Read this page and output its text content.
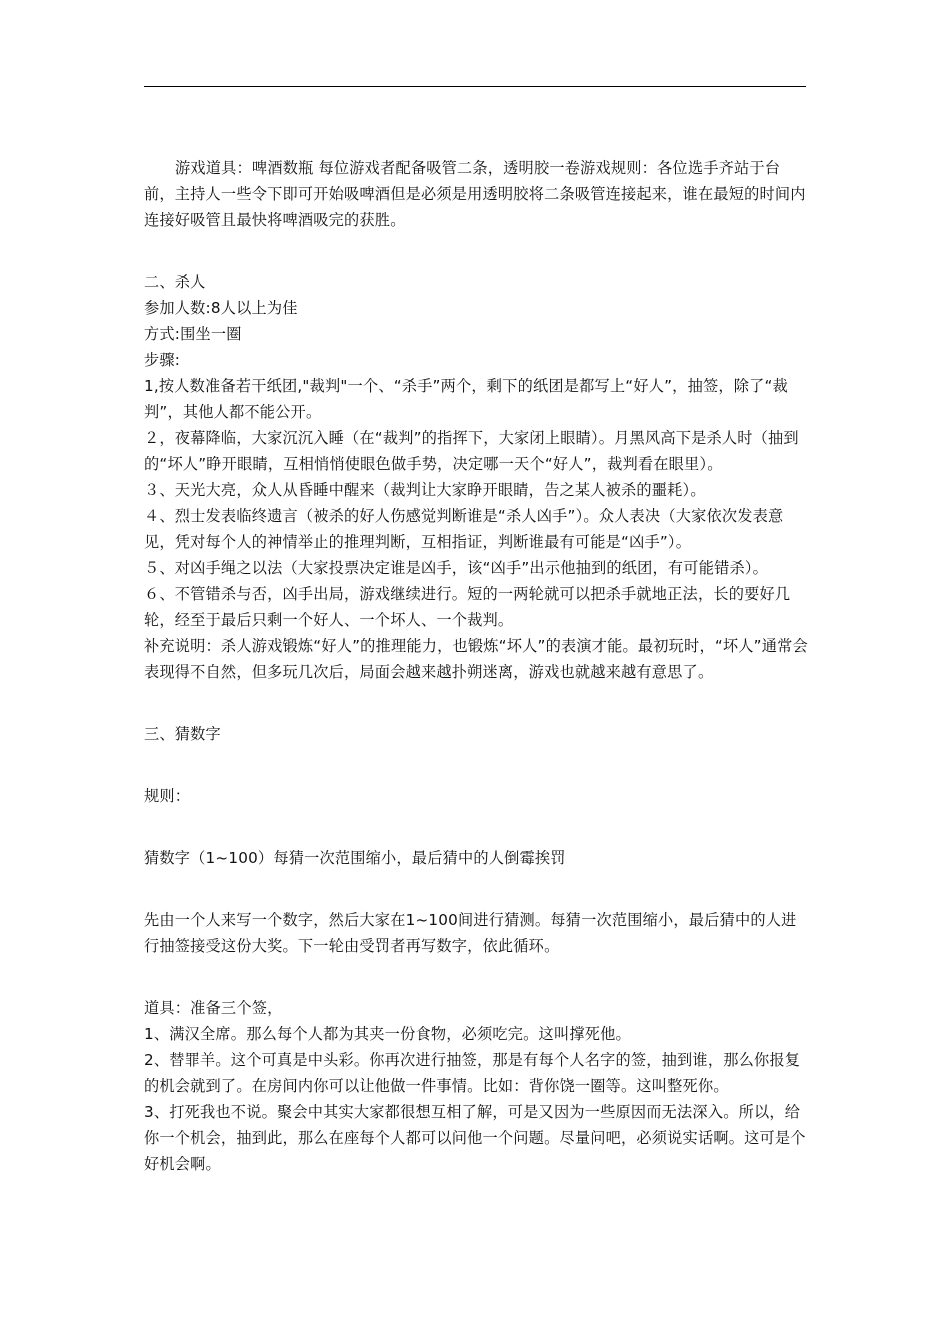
游戏道具：啤酒数瓶 每位游戏者配备吸管二条，透明胶一卷游戏规则：各位选手齐站于台前，主持人一些令下即可开始吸啤酒但是必须是用透明胶将二条吸管连接起来，谁在最短的时间内连接好吸管且最快将啤酒吸完的获胜。

二、杀人

参加人数:8人以上为佳

方式:围坐一圈

步骤:

1,按人数准备若干纸团,"裁判"一个、“杀手”两个，剩下的纸团是都写上“好人”，抽签，除了“裁判”，其他人都不能公开。

２，夜幕降临，大家沉沉入睡（在“裁判”的指挥下，大家闭上眼睛）。月黑风高下是杀人时（抽到的“坏人”睁开眼睛，互相悄悄使眼色做手势，决定哪一天个“好人”，裁判看在眼里）。

３、天光大亮，众人从昏睡中醒来（裁判让大家睁开眼睛，告之某人被杀的噩耗）。

４、烈士发表临终遗言（被杀的好人伤感觉判断谁是“杀人凶手”）。众人表决（大家依次发表意见，凭对每个人的神情举止的推理判断，互相指证，判断谁最有可能是“凶手”）。

５、对凶手绳之以法（大家投票决定谁是凶手，该“凶手”出示他抽到的纸团，有可能错杀）。

６、不管错杀与否，凶手出局，游戏继续进行。短的一两轮就可以把杀手就地正法，长的要好几轮，经至于最后只剩一个好人、一个坏人、一个裁判。

补充说明：杀人游戏锻炼“好人”的推理能力，也锻炼“坏人”的表演才能。最初玩时，“坏人”通常会表现得不自然，但多玩几次后，局面会越来越扑朔迷离，游戏也就越来越有意思了。

三、猜数字

规则：

猜数字（1~100）每猜一次范围缩小，最后猜中的人倒霉挨罚

先由一个人来写一个数字，然后大家在1~100间进行猜测。每猜一次范围缩小，最后猜中的人进行抽签接受这份大奖。下一轮由受罚者再写数字，依此循环。

道具：准备三个签，

1、满汉全席。那么每个人都为其夹一份食物，必须吃完。这叫撑死他。

2、替罪羊。这个可真是中头彩。你再次进行抽签，那是有每个人名字的签，抽到谁，那么你报复的机会就到了。在房间内你可以让他做一件事情。比如：背你饶一圈等。这叫整死你。

3、打死我也不说。聚会中其实大家都很想互相了解，可是又因为一些原因而无法深入。所以，给你一个机会，抽到此，那么在座每个人都可以问他一个问题。尽量问吧，必须说实话啊。这可是个好机会啊。
